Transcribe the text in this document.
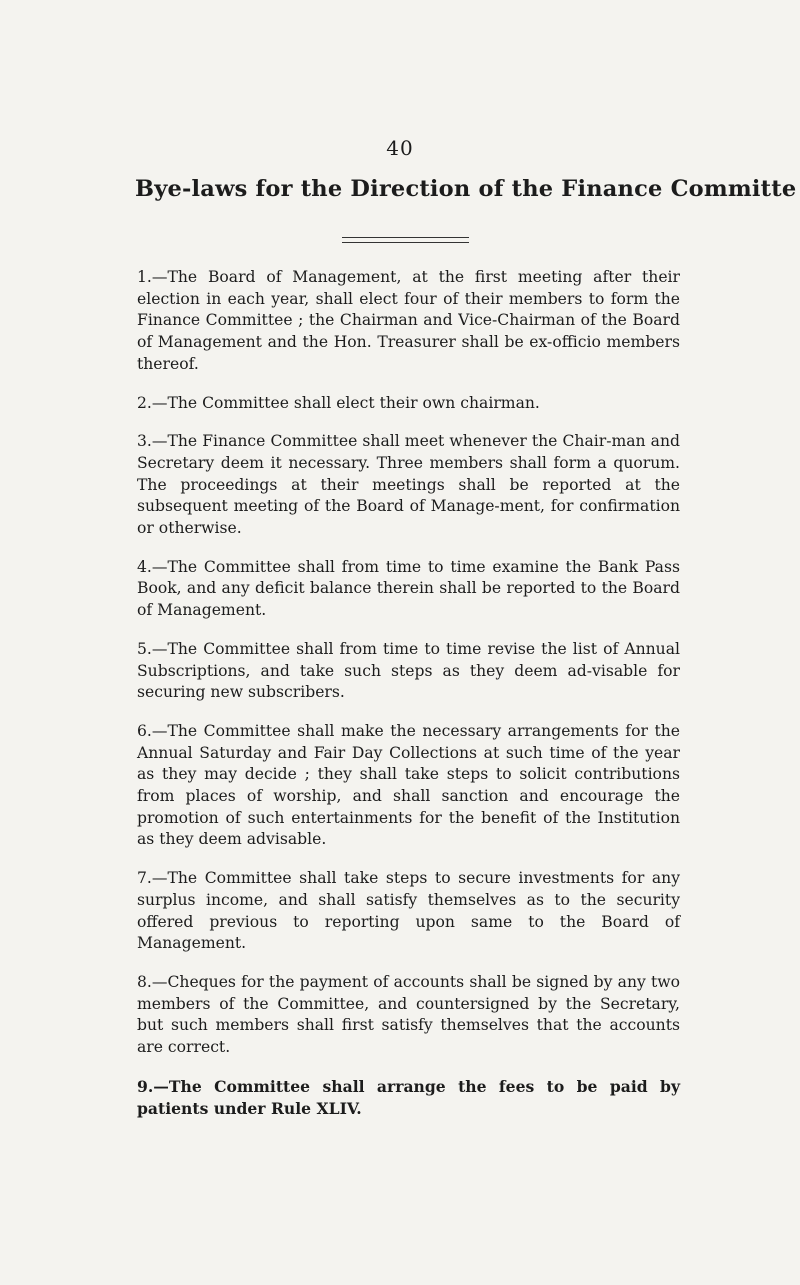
40
Bye-laws for the Direction of the Finance Committe

1.—The Board of Management, at the first meeting after their election in each year, shall elect four of their members to form the Finance Committee ; the Chairman and Vice-Chairman of the Board of Management and the Hon. Treasurer shall be ex-officio members thereof.

2.—The Committee shall elect their own chairman.

3.—The Finance Committee shall meet whenever the Chair-man and Secretary deem it necessary. Three members shall form a quorum. The proceedings at their meetings shall be reported at the subsequent meeting of the Board of Manage-ment, for confirmation or otherwise.

4.—The Committee shall from time to time examine the Bank Pass Book, and any deficit balance therein shall be reported to the Board of Management.

5.—The Committee shall from time to time revise the list of Annual Subscriptions, and take such steps as they deem ad-visable for securing new subscribers.

6.—The Committee shall make the necessary arrangements for the Annual Saturday and Fair Day Collections at such time of the year as they may decide ; they shall take steps to solicit contributions from places of worship, and shall sanction and encourage the promotion of such entertainments for the benefit of the Institution as they deem advisable.

7.—The Committee shall take steps to secure investments for any surplus income, and shall satisfy themselves as to the security offered previous to reporting upon same to the Board of Management.

8.—Cheques for the payment of accounts shall be signed by any two members of the Committee, and countersigned by the Secretary, but such members shall first satisfy themselves that the accounts are correct.

9.—The Committee shall arrange the fees to be paid by patients under Rule XLIV.
